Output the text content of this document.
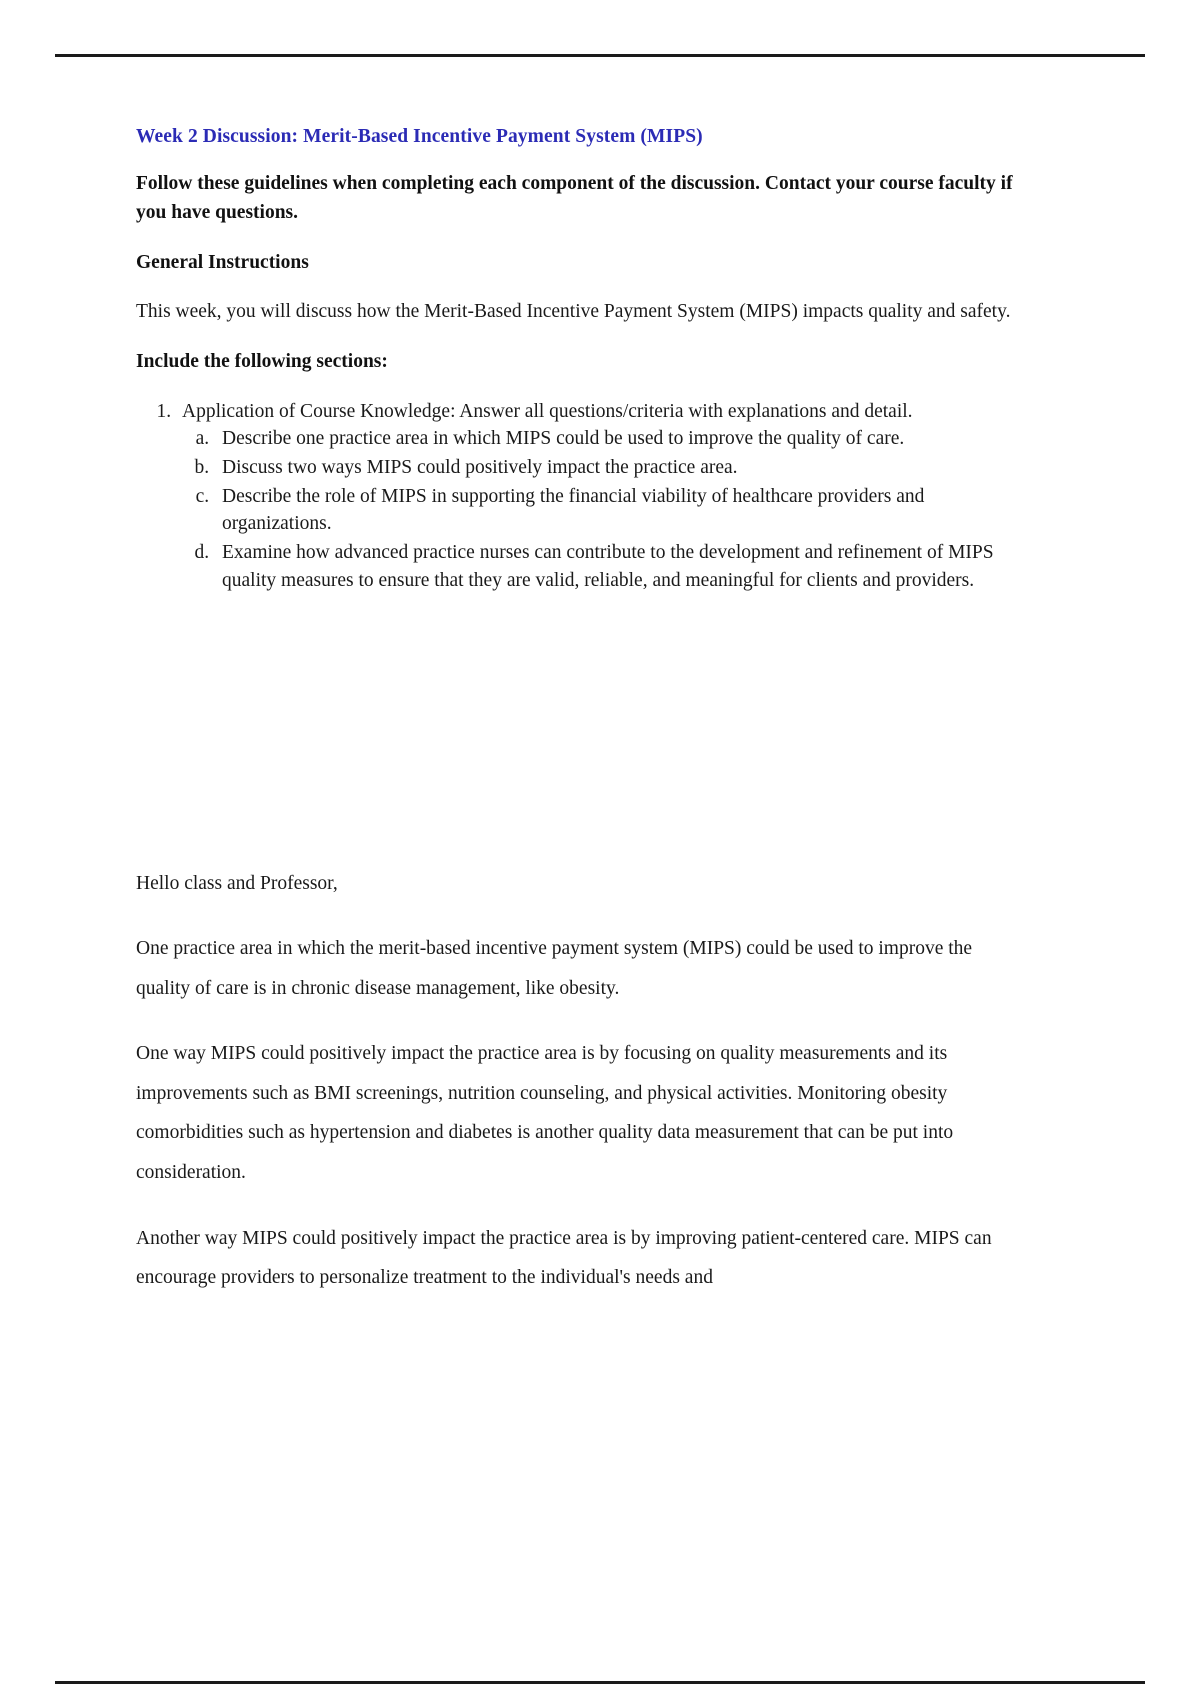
Week 2 Discussion: Merit-Based Incentive Payment System (MIPS)

Follow these guidelines when completing each component of the discussion. Contact your course faculty if you have questions.

General Instructions

This week, you will discuss how the Merit-Based Incentive Payment System (MIPS) impacts quality and safety.

Include the following sections:
1. Application of Course Knowledge: Answer all questions/criteria with explanations and detail.
a. Describe one practice area in which MIPS could be used to improve the quality of care.
b. Discuss two ways MIPS could positively impact the practice area.
c. Describe the role of MIPS in supporting the financial viability of healthcare providers and organizations.
d. Examine how advanced practice nurses can contribute to the development and refinement of MIPS quality measures to ensure that they are valid, reliable, and meaningful for clients and providers.

Hello class and Professor,

One practice area in which the merit-based incentive payment system (MIPS) could be used to improve the quality of care is in chronic disease management, like obesity.

One way MIPS could positively impact the practice area is by focusing on quality measurements and its improvements such as BMI screenings, nutrition counseling, and physical activities. Monitoring obesity comorbidities such as hypertension and diabetes is another quality data measurement that can be put into consideration.

Another way MIPS could positively impact the practice area is by improving patient-centered care. MIPS can encourage providers to personalize treatment to the individual's needs and
